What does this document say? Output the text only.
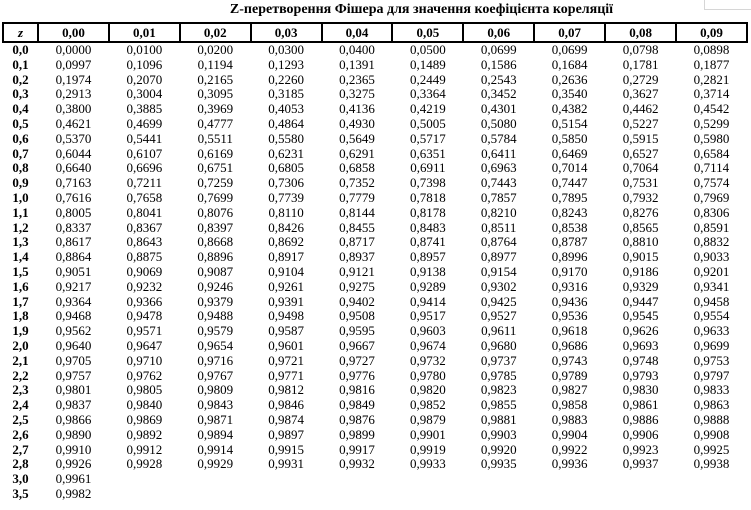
Z-перетворення Фішера для значення коефіцієнта кореляції
z	0,00	0,01	0,02	0,03	0,04	0,05	0,06	0,07	0,08	0,09
0,0	0,0000	0,0100	0,0200	0,0300	0,0400	0,0500	0,0699	0,0699	0,0798	0,0898
0,1	0,0997	0,1096	0,1194	0,1293	0,1391	0,1489	0,1586	0,1684	0,1781	0,1877
0,2	0,1974	0,2070	0,2165	0,2260	0,2365	0,2449	0,2543	0,2636	0,2729	0,2821
0,3	0,2913	0,3004	0,3095	0,3185	0,3275	0,3364	0,3452	0,3540	0,3627	0,3714
0,4	0,3800	0,3885	0,3969	0,4053	0,4136	0,4219	0,4301	0,4382	0,4462	0,4542
0,5	0,4621	0,4699	0,4777	0,4864	0,4930	0,5005	0,5080	0,5154	0,5227	0,5299
0,6	0,5370	0,5441	0,5511	0,5580	0,5649	0,5717	0,5784	0,5850	0,5915	0,5980
0,7	0,6044	0,6107	0,6169	0,6231	0,6291	0,6351	0,6411	0,6469	0,6527	0,6584
0,8	0,6640	0,6696	0,6751	0,6805	0,6858	0,6911	0,6963	0,7014	0,7064	0,7114
0,9	0,7163	0,7211	0,7259	0,7306	0,7352	0,7398	0,7443	0,7447	0,7531	0,7574
1,0	0,7616	0,7658	0,7699	0,7739	0,7779	0,7818	0,7857	0,7895	0,7932	0,7969
1,1	0,8005	0,8041	0,8076	0,8110	0,8144	0,8178	0,8210	0,8243	0,8276	0,8306
1,2	0,8337	0,8367	0,8397	0,8426	0,8455	0,8483	0,8511	0,8538	0,8565	0,8591
1,3	0,8617	0,8643	0,8668	0,8692	0,8717	0,8741	0,8764	0,8787	0,8810	0,8832
1,4	0,8864	0,8875	0,8896	0,8917	0,8937	0,8957	0,8977	0,8996	0,9015	0,9033
1,5	0,9051	0,9069	0,9087	0,9104	0,9121	0,9138	0,9154	0,9170	0,9186	0,9201
1,6	0,9217	0,9232	0,9246	0,9261	0,9275	0,9289	0,9302	0,9316	0,9329	0,9341
1,7	0,9364	0,9366	0,9379	0,9391	0,9402	0,9414	0,9425	0,9436	0,9447	0,9458
1,8	0,9468	0,9478	0,9488	0,9498	0,9508	0,9517	0,9527	0,9536	0,9545	0,9554
1,9	0,9562	0,9571	0,9579	0,9587	0,9595	0,9603	0,9611	0,9618	0,9626	0,9633
2,0	0,9640	0,9647	0,9654	0,9601	0,9667	0,9674	0,9680	0,9686	0,9693	0,9699
2,1	0,9705	0,9710	0,9716	0,9721	0,9727	0,9732	0,9737	0,9743	0,9748	0,9753
2,2	0,9757	0,9762	0,9767	0,9771	0,9776	0,9780	0,9785	0,9789	0,9793	0,9797
2,3	0,9801	0,9805	0,9809	0,9812	0,9816	0,9820	0,9823	0,9827	0,9830	0,9833
2,4	0,9837	0,9840	0,9843	0,9846	0,9849	0,9852	0,9855	0,9858	0,9861	0,9863
2,5	0,9866	0,9869	0,9871	0,9874	0,9876	0,9879	0,9881	0,9883	0,9886	0,9888
2,6	0,9890	0,9892	0,9894	0,9897	0,9899	0,9901	0,9903	0,9904	0,9906	0,9908
2,7	0,9910	0,9912	0,9914	0,9915	0,9917	0,9919	0,9920	0,9922	0,9923	0,9925
2,8	0,9926	0,9928	0,9929	0,9931	0,9932	0,9933	0,9935	0,9936	0,9937	0,9938
3,0	0,9961									
3,5	0,9982									
